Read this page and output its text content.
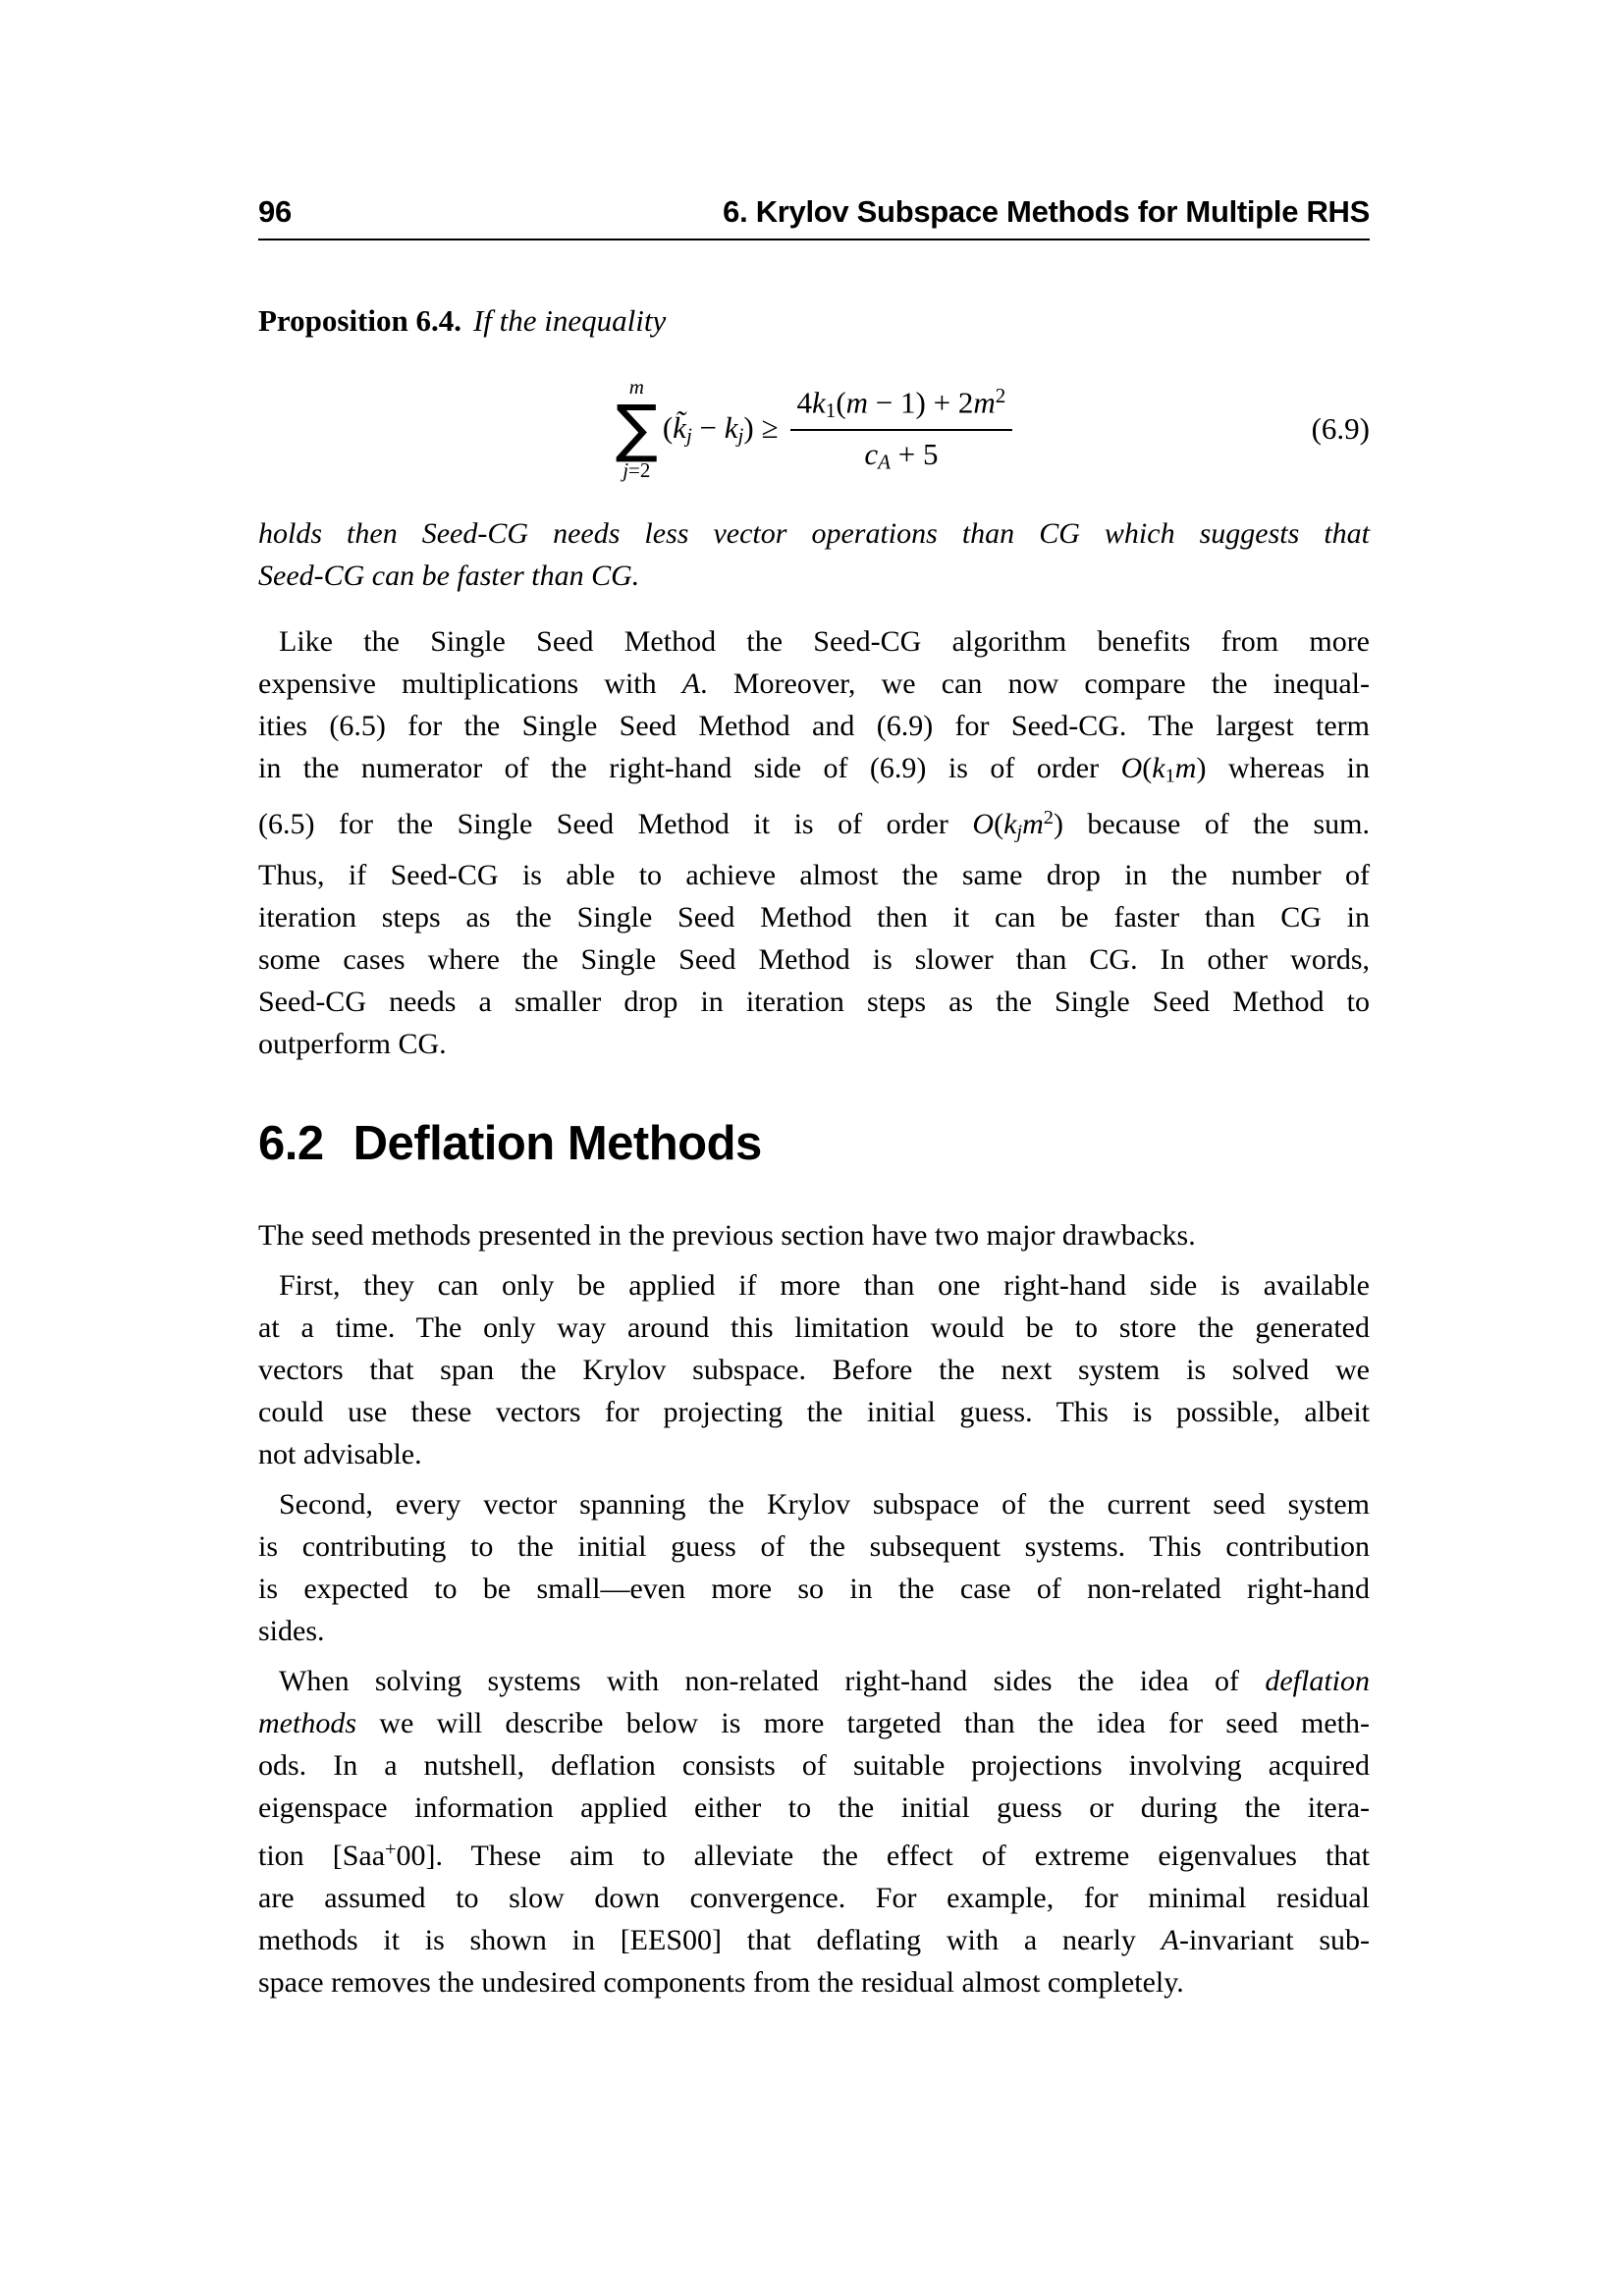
96	6. Krylov Subspace Methods for Multiple RHS

Proposition 6.4. If the inequality

m
∑
j=2
(k̃j − $kj) \ge \frac{4k1(m - 1) + 2m^2}{cA + 5}$	(6.9)
holds then Seed-CG needs less vector operations than CG which suggests that
Seed-CG can be faster than CG.
Like the Single Seed Method the Seed-CG algorithm benefits from more
expensive multiplications with A. Moreover, we can now compare the inequal-
ities (6.5) for the Single Seed Method and (6.9) for Seed-CG. The largest term
in the numerator of the right-hand side of (6.9) is of order O(k1m) whereas in
(6.5) for the Single Seed Method it is of order O(kjm$^2$) because of the sum.
Thus, if Seed-CG is able to achieve almost the same drop in the number of
iteration steps as the Single Seed Method then it can be faster than CG in
some cases where the Single Seed Method is slower than CG. In other words,
Seed-CG needs a smaller drop in iteration steps as the Single Seed Method to
outperform CG.
6.2 Deflation Methods
The seed methods presented in the previous section have two major drawbacks.
First, they can only be applied if more than one right-hand side is available
at a time. The only way around this limitation would be to store the generated
vectors that span the Krylov subspace. Before the next system is solved we
could use these vectors for projecting the initial guess. This is possible, albeit
not advisable.
Second, every vector spanning the Krylov subspace of the current seed system
is contributing to the initial guess of the subsequent systems. This contribution
is expected to be small—even more so in the case of non-related right-hand
sides.
When solving systems with non-related right-hand sides the idea of deflation
methods we will describe below is more targeted than the idea for seed meth-
ods. In a nutshell, deflation consists of suitable projections involving acquired
eigenspace information applied either to the initial guess or during the itera-
tion [Saa+00]. These aim to alleviate the effect of extreme eigenvalues that
are assumed to slow down convergence. For example, for minimal residual
methods it is shown in [EES00] that deflating with a nearly A-invariant sub-
space removes the undesired components from the residual almost completely.
